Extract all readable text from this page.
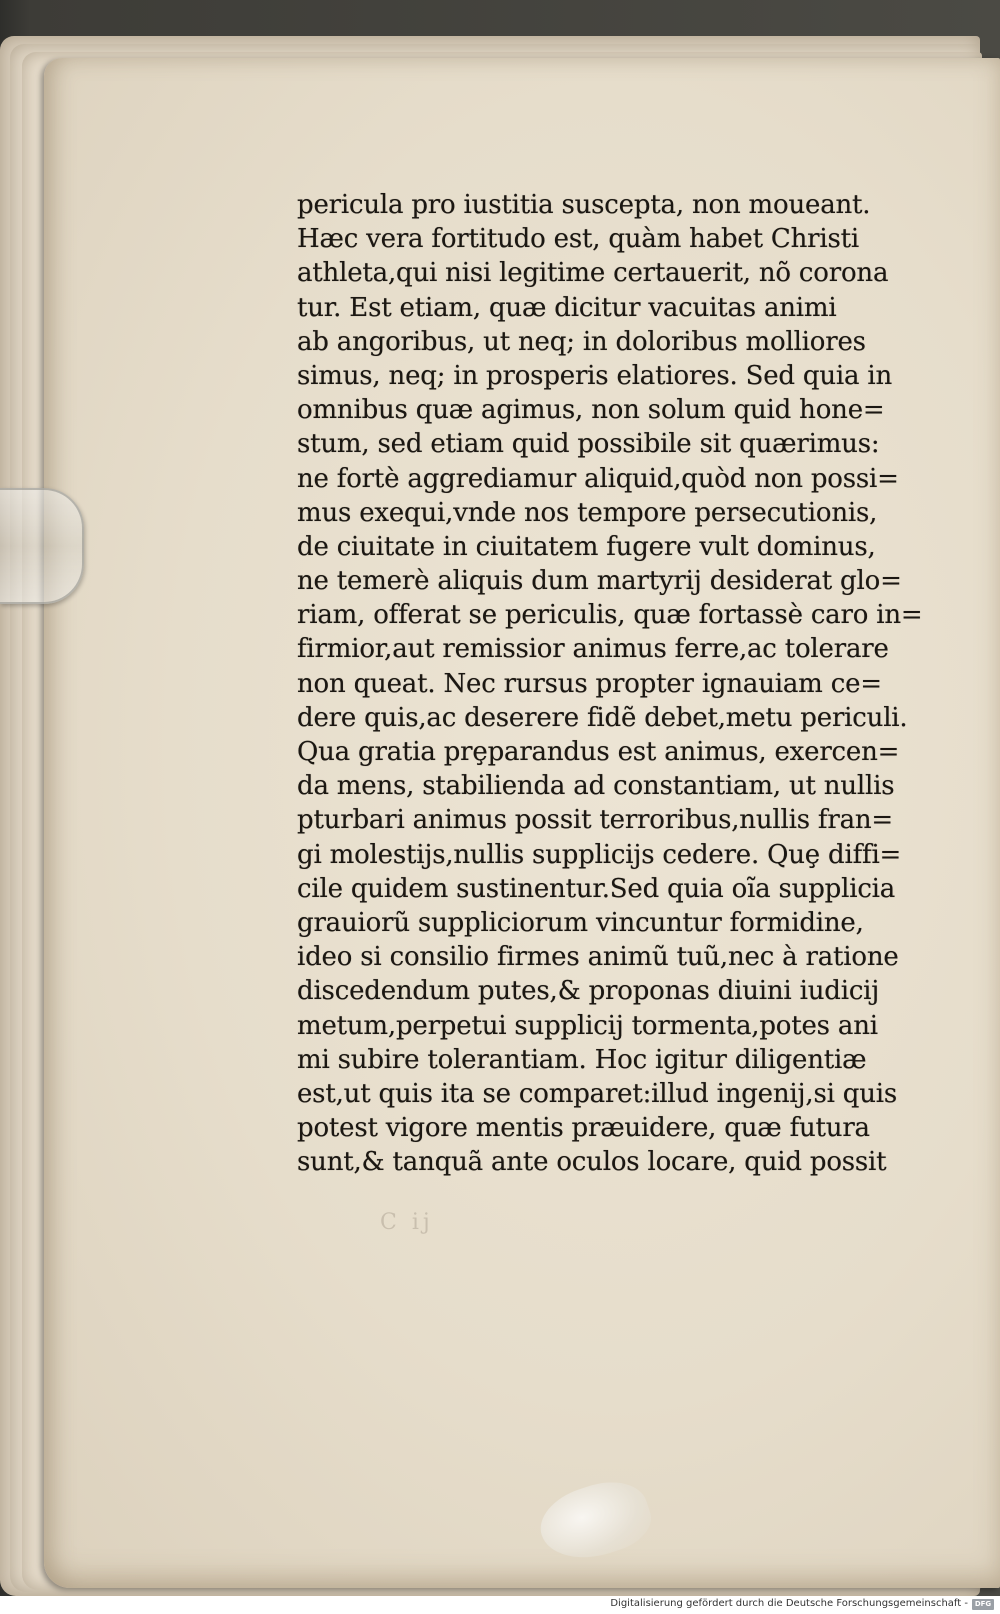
pericula pro iustitia suscepta, non moueant.
Hæc vera fortitudo est, quàm habet Christi
athleta,qui nisi legitime certauerit, nõ corona
tur. Est etiam, quæ dicitur vacuitas animi
ab angoribus, ut neq; in doloribus molliores
simus, neq; in prosperis elatiores. Sed quia in
omnibus quæ agimus, non solum quid hone=
stum, sed etiam quid possibile sit quærimus:
ne fortè aggrediamur aliquid,quòd non possi=
mus exequi,vnde nos tempore persecutionis,
de ciuitate in ciuitatem fugere vult dominus,
ne temerè aliquis dum martyrij desiderat glo=
riam, offerat se periculis, quæ fortassè caro in=
firmior,aut remissior animus ferre,ac tolerare
non queat. Nec rursus propter ignauiam ce=
dere quis,ac deserere fidẽ debet,metu periculi.
Qua gratia prȩparandus est animus, exercen=
da mens, stabilienda ad constantiam, ut nullis
pturbari animus possit terroribus,nullis fran=
gi molestijs,nullis supplicijs cedere. Quȩ diffi=
cile quidem sustinentur.Sed quia oĩa supplicia
grauiorũ suppliciorum vincuntur formidine,
ideo si consilio firmes animũ tuũ,nec à ratione
discedendum putes,& proponas diuini iudicij
metum,perpetui supplicij tormenta,potes ani
mi subire tolerantiam. Hoc igitur diligentiæ
est,ut quis ita se comparet:illud ingenij,si quis
potest vigore mentis præuidere, quæ futura
sunt,& tanquã ante oculos locare, quid possit
C ij
Digitalisierung gefördert durch die Deutsche Forschungsgemeinschaft - DFG
